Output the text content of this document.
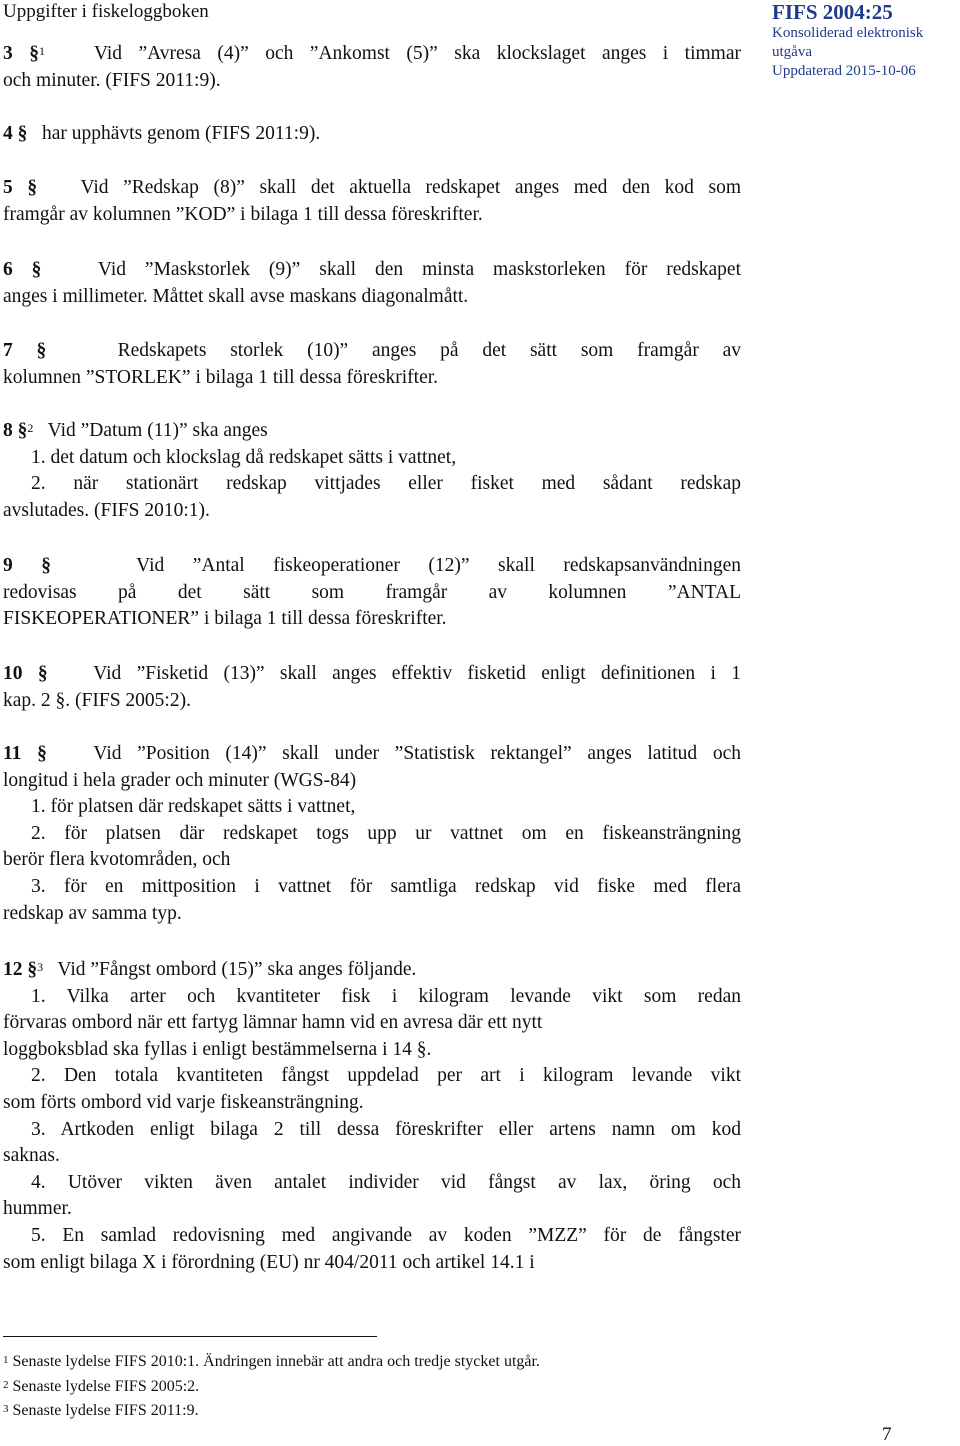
Uppgifter i fiskeloggboken	FIFS 2004:25
Konsoliderad elektronisk
utgåva
Uppdaterad 2015-10-06
3 §$^1$	Vid ”Avresa (4)” och ”Ankomst (5)” ska klockslaget anges i timmar
och minuter. (FIFS 2011:9).
4 § har upphävts genom (FIFS 2011:9).
5 § Vid ”Redskap (8)” skall det aktuella redskapet anges med den kod som
framgår av kolumnen ”KOD” i bilaga 1 till dessa föreskrifter.
6 §	Vid ”Maskstorlek (9)” skall den minsta maskstorleken för redskapet
anges i millimeter. Måttet skall avse maskans diagonalmått.
7 §	Redskapets storlek (10)” anges på det sätt som framgår av
kolumnen ”STORLEK” i bilaga 1 till dessa föreskrifter.
8 §$^2$ Vid ”Datum (11)” ska anges
1. det datum och klockslag då redskapet sätts i vattnet,
2. när stationärt redskap vittjades eller fisket med sådant redskap
avslutades. (FIFS 2010:1).
9 §	Vid ”Antal fiskeoperationer (12)” skall redskapsanvändningen
redovisas på det sätt som framgår av kolumnen ”ANTAL
FISKEOPERATIONER” i bilaga 1 till dessa föreskrifter.
10 § Vid ”Fisketid (13)” skall anges effektiv fisketid enligt definitionen i 1
kap. 2 §. (FIFS 2005:2).
11 § Vid ”Position (14)” skall under ”Statistisk rektangel” anges latitud och
longitud i hela grader och minuter (WGS-84)
1. för platsen där redskapet sätts i vattnet,
2. för platsen där redskapet togs upp ur vattnet om en fiskeansträngning
berör flera kvotområden, och
3. för en mittposition i vattnet för samtliga redskap vid fiske med flera
redskap av samma typ.
12 §$^3$ Vid ”Fångst ombord (15)” ska anges följande.
1. Vilka arter och kvantiteter fisk i kilogram levande vikt som redan
förvaras ombord när ett fartyg lämnar hamn vid en avresa där ett nytt
loggboksblad ska fyllas i enligt bestämmelserna i 14 §.
2. Den totala kvantiteten fångst uppdelad per art i kilogram levande vikt
som förts ombord vid varje fiskeansträngning.
3. Artkoden enligt bilaga 2 till dessa föreskrifter eller artens namn om kod
saknas.
4. Utöver vikten även antalet individer vid fångst av lax, öring och
hummer.
5. En samlad redovisning med angivande av koden ”MZZ” för de fångster
som enligt bilaga X i förordning (EU) nr 404/2011 och artikel 14.1 i
$^1$ Senaste lydelse FIFS 2010:1. Ändringen innebär att andra och tredje stycket utgår.
$^2$ Senaste lydelse FIFS 2005:2.
$^3$ Senaste lydelse FIFS 2011:9.
7
